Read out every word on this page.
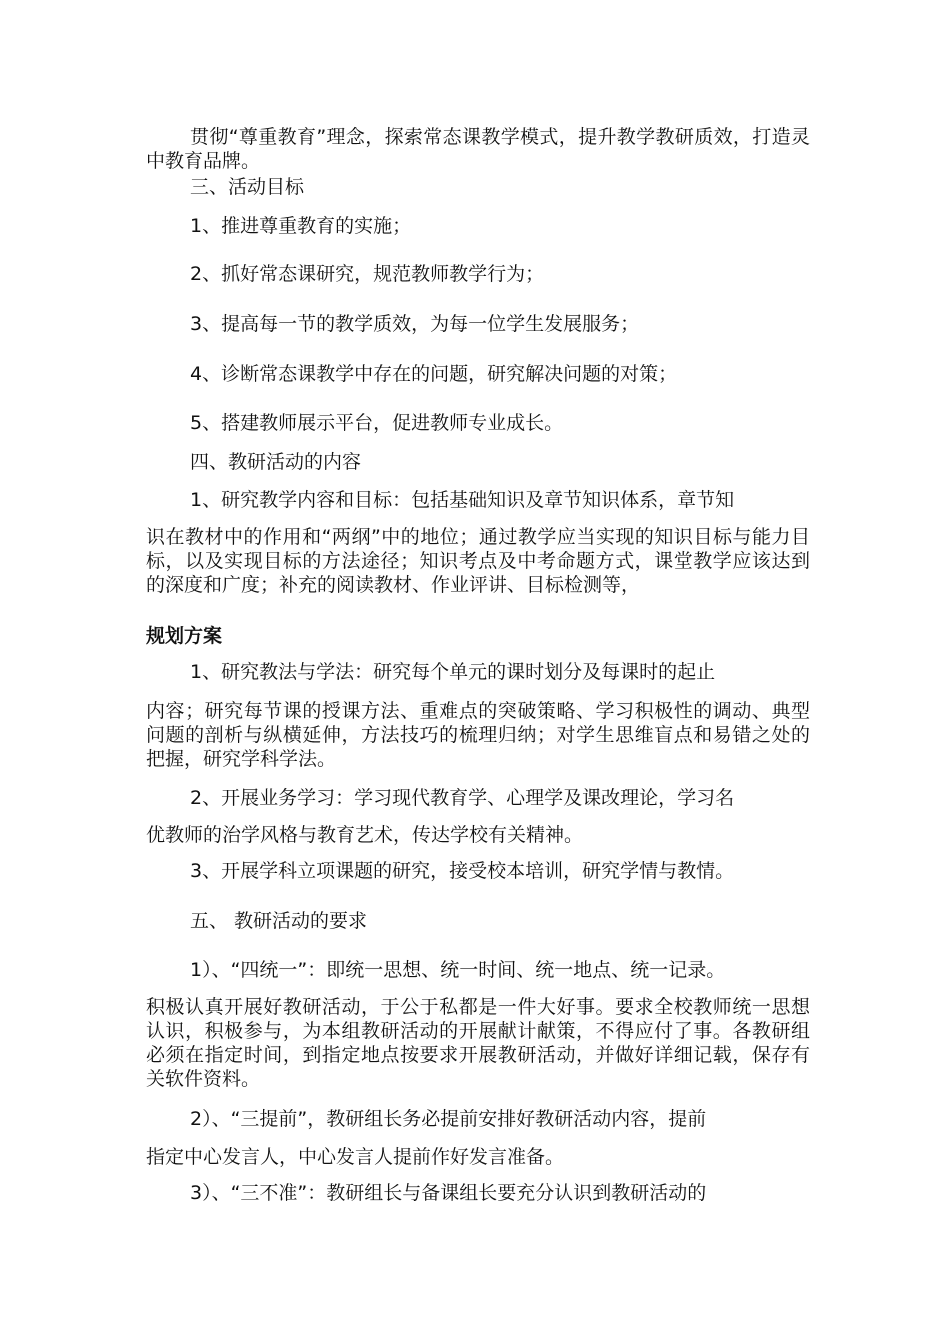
贯彻“尊重教育”理念，探索常态课教学模式，提升教学教研质效，打造灵中教育品牌。

三、活动目标

1、推进尊重教育的实施；

2、抓好常态课研究，规范教师教学行为；

3、提高每一节的教学质效，为每一位学生发展服务；

4、诊断常态课教学中存在的问题，研究解决问题的对策；

5、搭建教师展示平台，促进教师专业成长。

四、教研活动的内容

1、研究教学内容和目标：包括基础知识及章节知识体系，章节知

识在教材中的作用和“两纲”中的地位；通过教学应当实现的知识目标与能力目标，以及实现目标的方法途径；知识考点及中考命题方式，课堂教学应该达到的深度和广度；补充的阅读教材、作业评讲、目标检测等，

规划方案

1、研究教法与学法：研究每个单元的课时划分及每课时的起止

内容；研究每节课的授课方法、重难点的突破策略、学习积极性的调动、典型问题的剖析与纵横延伸，方法技巧的梳理归纳；对学生思维盲点和易错之处的把握，研究学科学法。

2、开展业务学习：学习现代教育学、心理学及课改理论，学习名

优教师的治学风格与教育艺术，传达学校有关精神。

3、开展学科立项课题的研究，接受校本培训，研究学情与教情。

五、 教研活动的要求

1）、“四统一”：即统一思想、统一时间、统一地点、统一记录。

积极认真开展好教研活动，于公于私都是一件大好事。要求全校教师统一思想认识，积极参与，为本组教研活动的开展献计献策，不得应付了事。各教研组必须在指定时间，到指定地点按要求开展教研活动，并做好详细记载，保存有关软件资料。

2）、“三提前”，教研组长务必提前安排好教研活动内容，提前

指定中心发言人，中心发言人提前作好发言准备。

3）、“三不准”：教研组长与备课组长要充分认识到教研活动的
